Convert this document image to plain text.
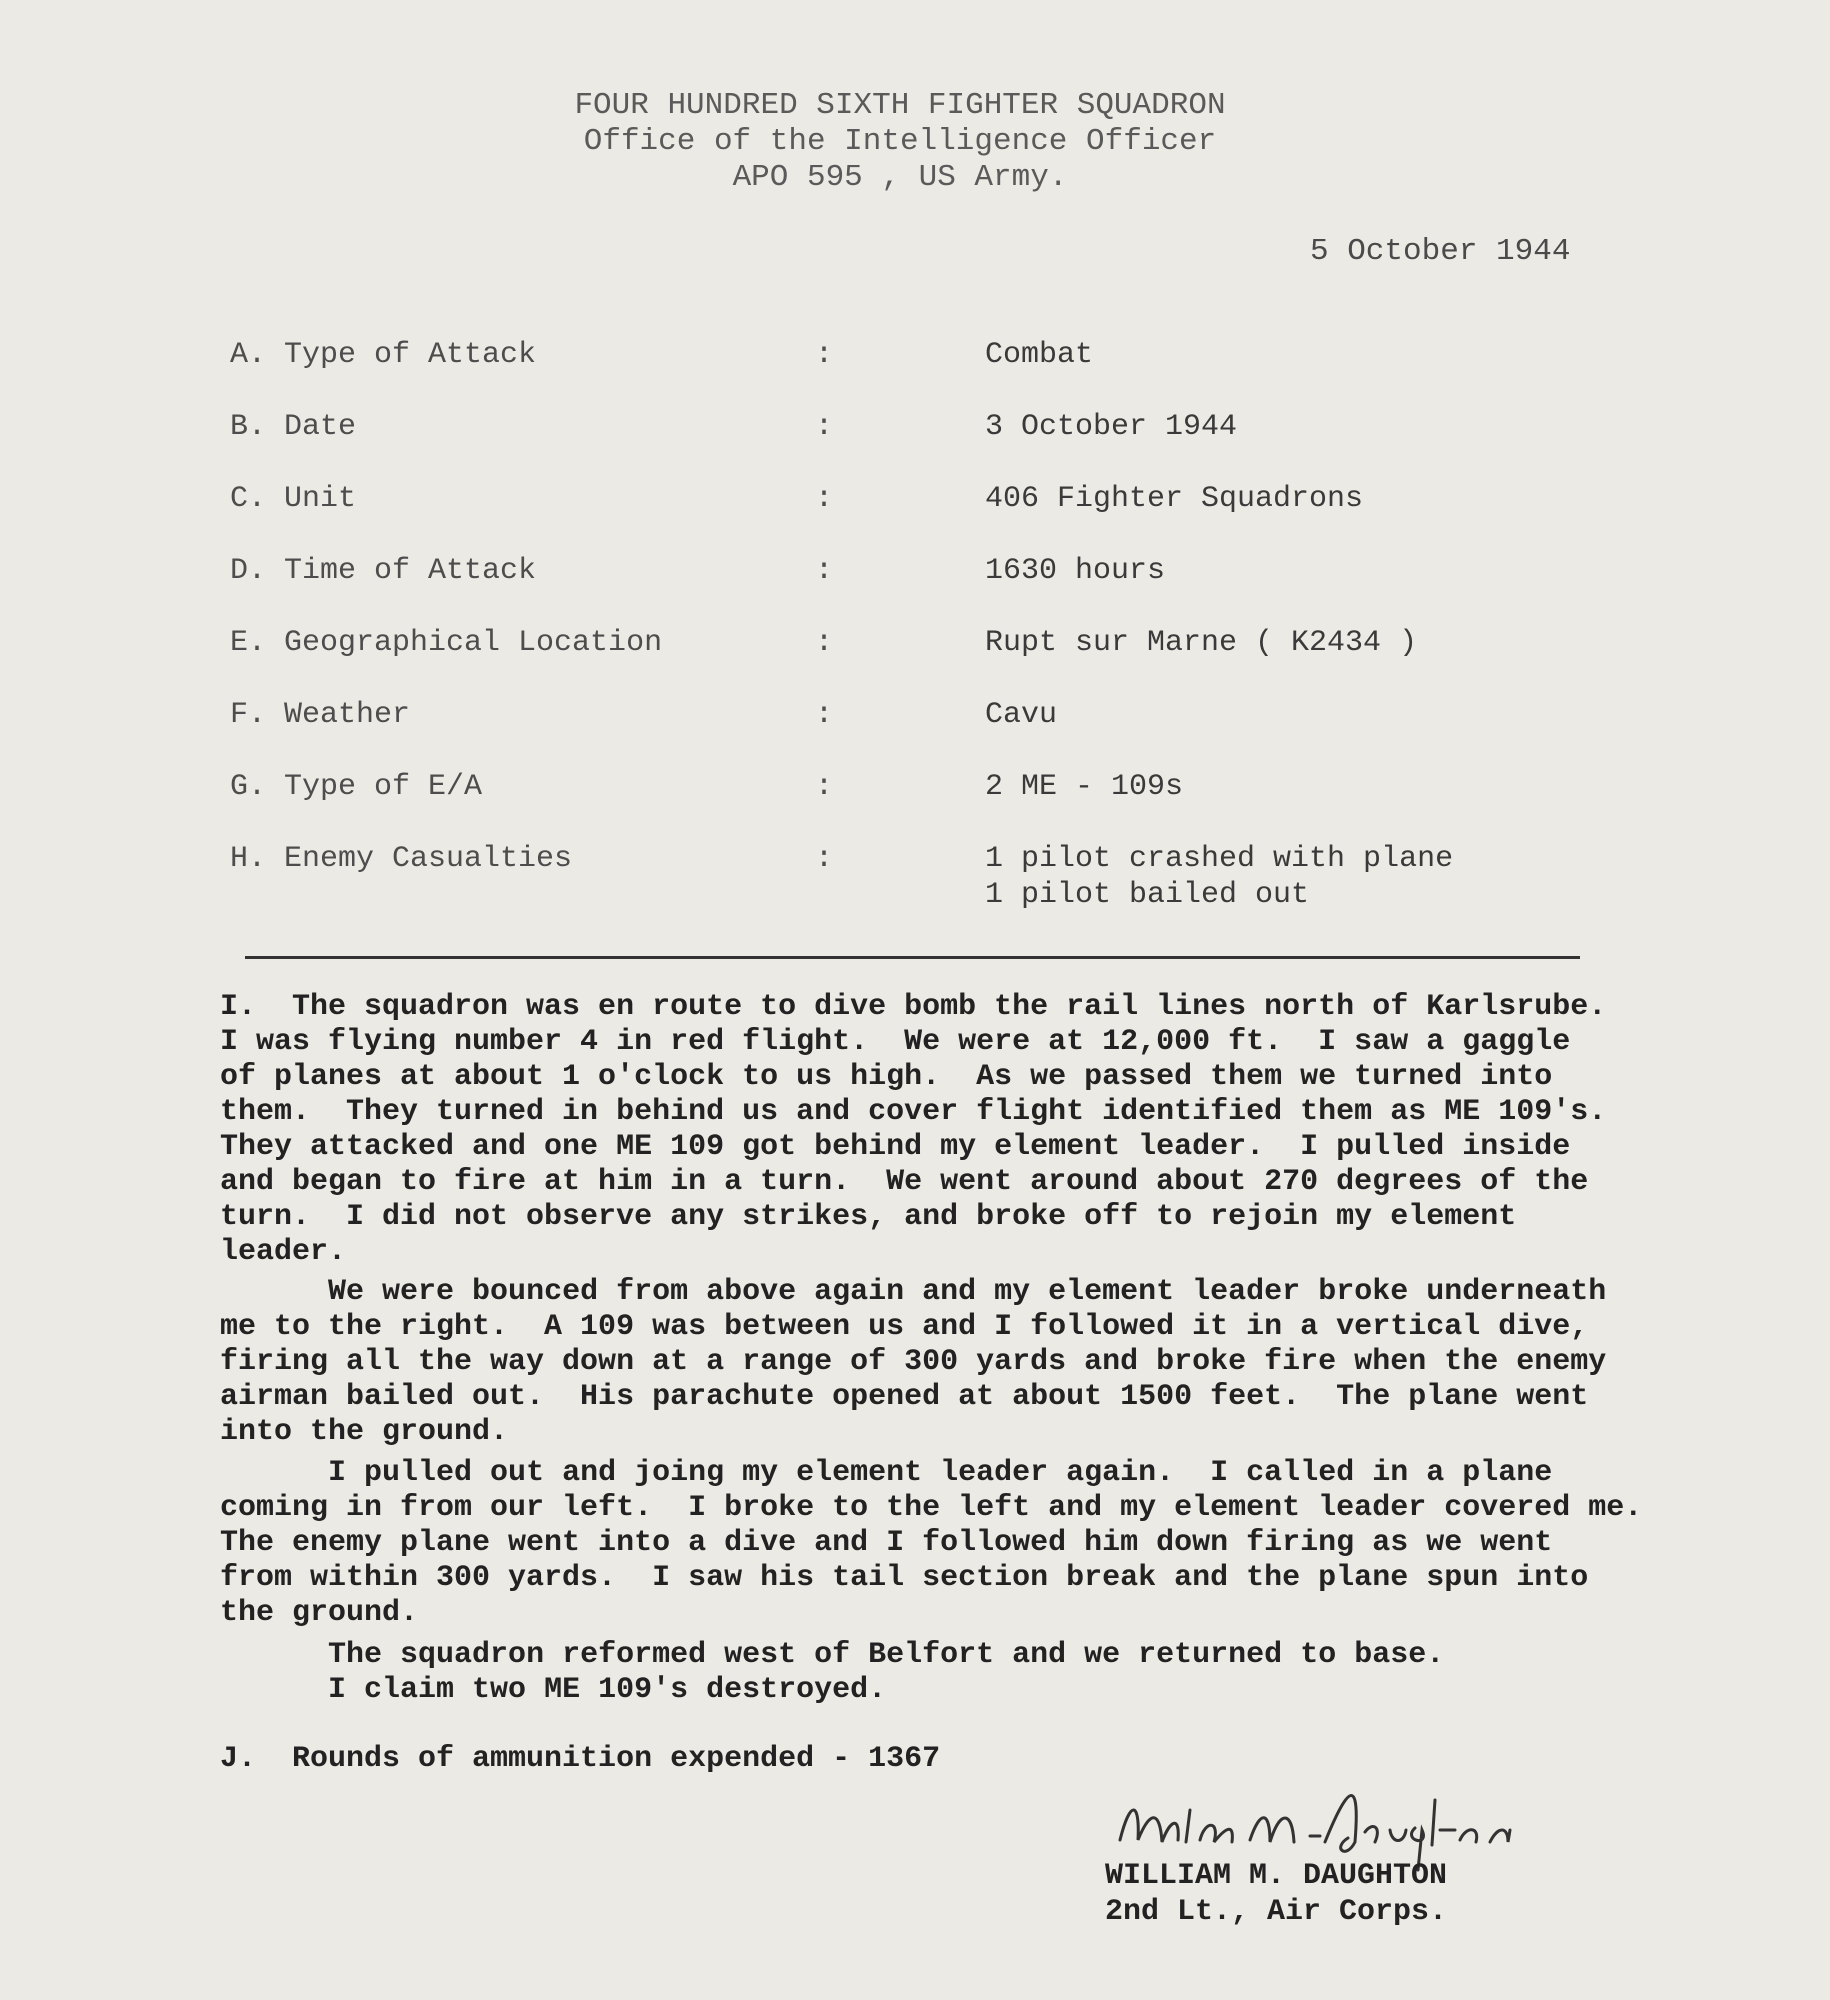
FOUR HUNDRED SIXTH FIGHTER SQUADRON
Office of the Intelligence Officer
APO 595 , US Army.
5 October 1944
A. Type of Attack	:	Combat
B. Date	:	3 October 1944
C. Unit	:	406 Fighter Squadrons
D. Time of Attack	:	1630 hours
E. Geographical Location	:	Rupt sur Marne ( K2434 )
F. Weather	:	Cavu
G. Type of E/A	:	2 ME - 109s
H. Enemy Casualties	:	1 pilot crashed with plane
1 pilot bailed out
I.  The squadron was en route to dive bomb the rail lines north of Karlsrube.
I was flying number 4 in red flight.  We were at 12,000 ft.  I saw a gaggle
of planes at about 1 o'clock to us high.  As we passed them we turned into
them.  They turned in behind us and cover flight identified them as ME 109's.
They attacked and one ME 109 got behind my element leader.  I pulled inside
and began to fire at him in a turn.  We went around about 270 degrees of the
turn.  I did not observe any strikes, and broke off to rejoin my element
leader.
We were bounced from above again and my element leader broke underneath
me to the right.  A 109 was between us and I followed it in a vertical dive,
firing all the way down at a range of 300 yards and broke fire when the enemy
airman bailed out.  His parachute opened at about 1500 feet.  The plane went
into the ground.
I pulled out and joing my element leader again.  I called in a plane
coming in from our left.  I broke to the left and my element leader covered me.
The enemy plane went into a dive and I followed him down firing as we went
from within 300 yards.  I saw his tail section break and the plane spun into
the ground.
The squadron reformed west of Belfort and we returned to base.
I claim two ME 109's destroyed.
J.  Rounds of ammunition expended - 1367
WILLIAM M. DAUGHTON
2nd Lt., Air Corps.
